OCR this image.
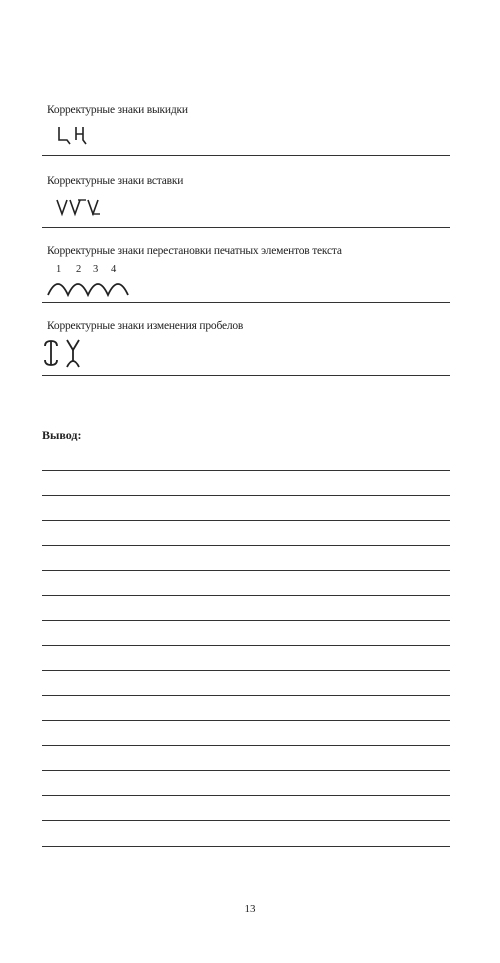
Корректурные знаки выкидки
Корректурные знаки вставки
Корректурные знаки перестановки печатных элементов текста
1 2 3 4
Корректурные знаки изменения пробелов
Вывод:
13
